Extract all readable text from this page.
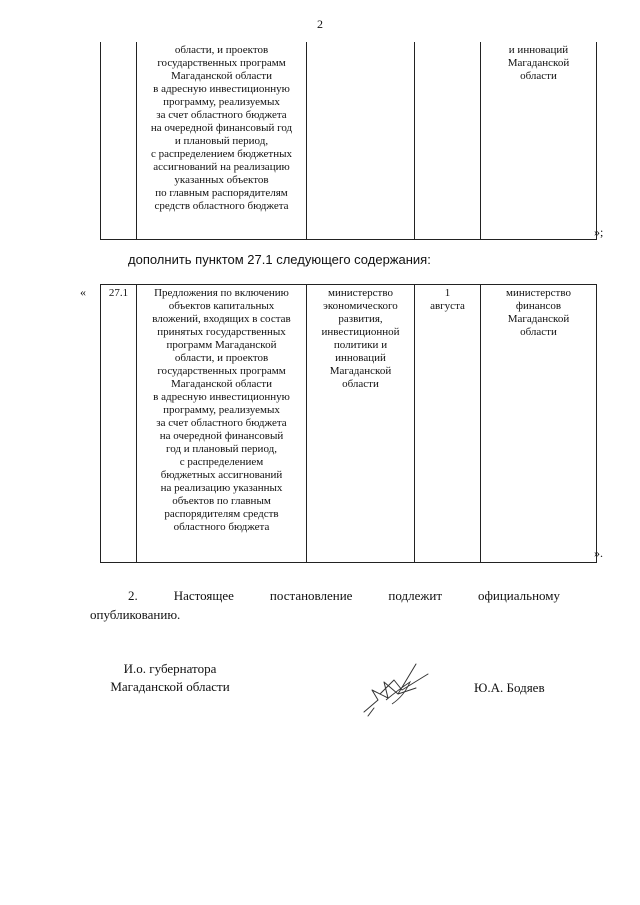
2
	области, и проектов
государственных программ
Магаданской области
в адресную инвестиционную
программу, реализуемых
за счет областного бюджета
на очередной финансовый год
и плановый период,
с распределением бюджетных
ассигнований на реализацию
указанных объектов
по главным распорядителям
средств областного бюджета			и инноваций
Магаданской
области
»;
дополнить пунктом 27.1 следующего содержания:
« 27.1	Предложения по включению
объектов капитальных
вложений, входящих в состав
принятых государственных
программ Магаданской
области, и проектов
государственных программ
Магаданской области
в адресную инвестиционную
программу, реализуемых
за счет областного бюджета
на очередной финансовый
год и плановый период,
с распределением
бюджетных ассигнований
на реализацию указанных
объектов по главным
распорядителям средств
областного бюджета	министерство
экономического
развития,
инвестиционной
политики и
инноваций
Магаданской
области	1
августа	министерство
финансов
Магаданской
области
».
2.	Настоящее	постановление	подлежит	официальному
опубликованию.
И.о. губернатора
Магаданской области	Ю.А. Бодяев
